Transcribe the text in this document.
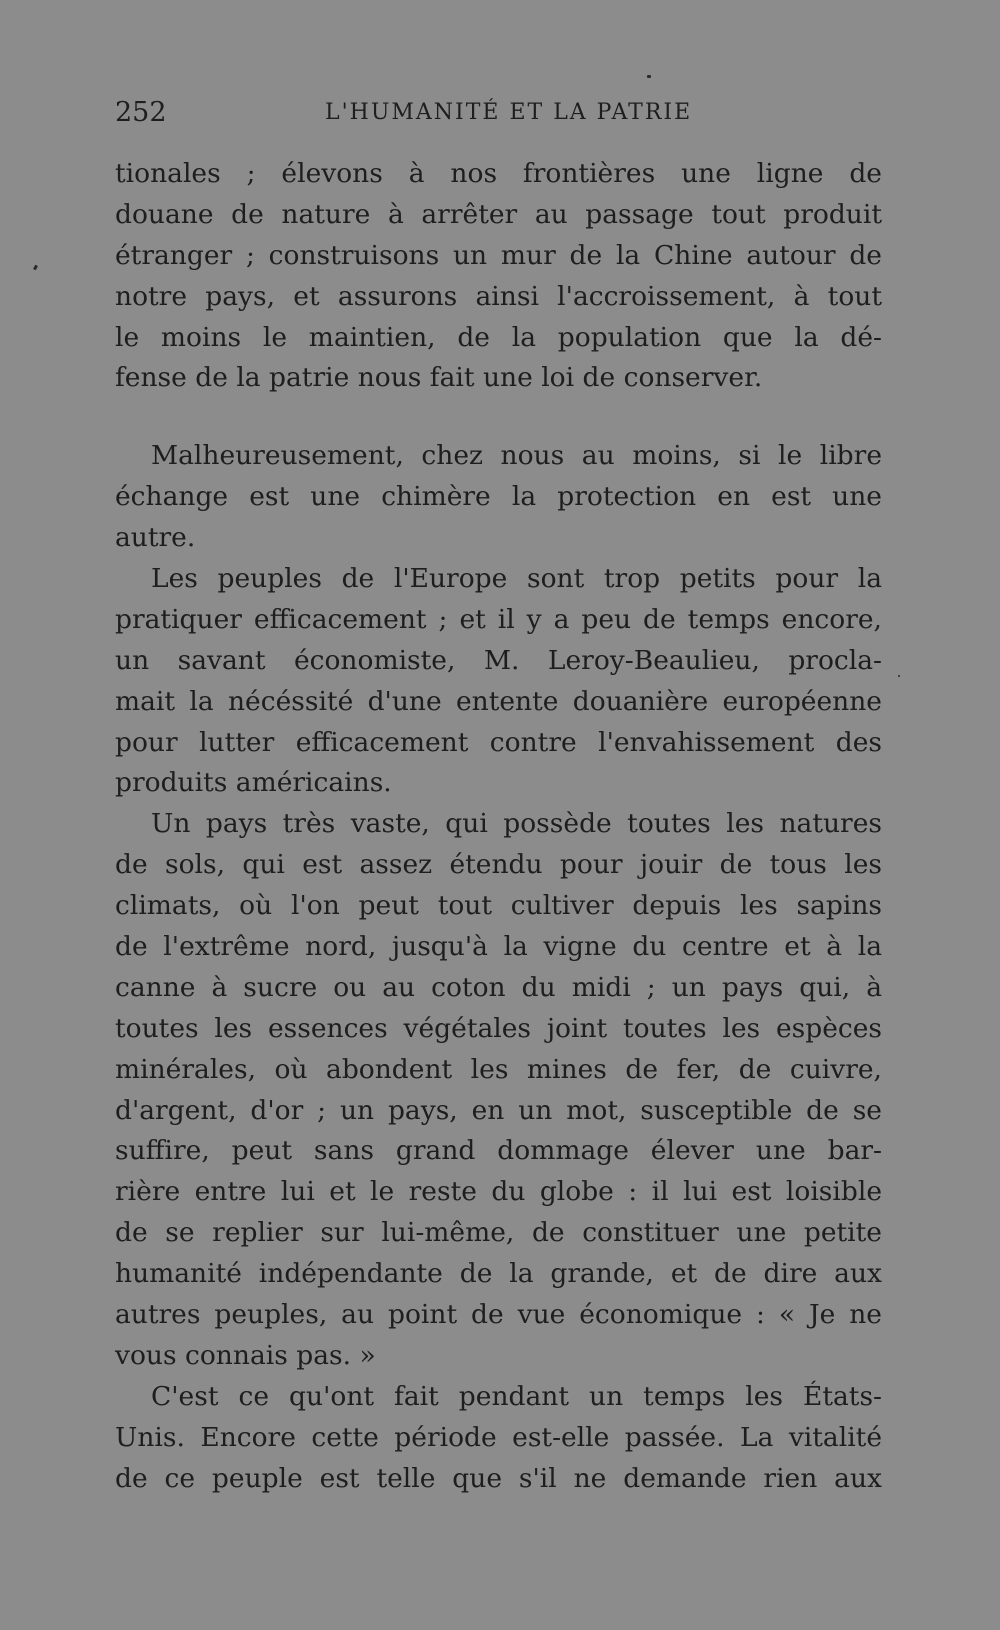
252	L'HUMANITÉ ET LA PATRIE
tionales ; élevons à nos frontières une ligne de
douane de nature à arrêter au passage tout produit
étranger ; construisons un mur de la Chine autour de
notre pays, et assurons ainsi l'accroissement, à tout
le moins le maintien, de la population que la dé-
fense de la patrie nous fait une loi de conserver.
Malheureusement, chez nous au moins, si le libre
échange est une chimère la protection en est une
autre.
Les peuples de l'Europe sont trop petits pour la
pratiquer efficacement ; et il y a peu de temps encore,
un savant économiste, M. Leroy-Beaulieu, procla-
mait la nécéssité d'une entente douanière européenne
pour lutter efficacement contre l'envahissement des
produits américains.
Un pays très vaste, qui possède toutes les natures
de sols, qui est assez étendu pour jouir de tous les
climats, où l'on peut tout cultiver depuis les sapins
de l'extrême nord, jusqu'à la vigne du centre et à la
canne à sucre ou au coton du midi ; un pays qui, à
toutes les essences végétales joint toutes les espèces
minérales, où abondent les mines de fer, de cuivre,
d'argent, d'or ; un pays, en un mot, susceptible de se
suffire, peut sans grand dommage élever une bar-
rière entre lui et le reste du globe : il lui est loisible
de se replier sur lui-même, de constituer une petite
humanité indépendante de la grande, et de dire aux
autres peuples, au point de vue économique : « Je ne
vous connais pas. »
C'est ce qu'ont fait pendant un temps les États-
Unis. Encore cette période est-elle passée. La vitalité
de ce peuple est telle que s'il ne demande rien aux
